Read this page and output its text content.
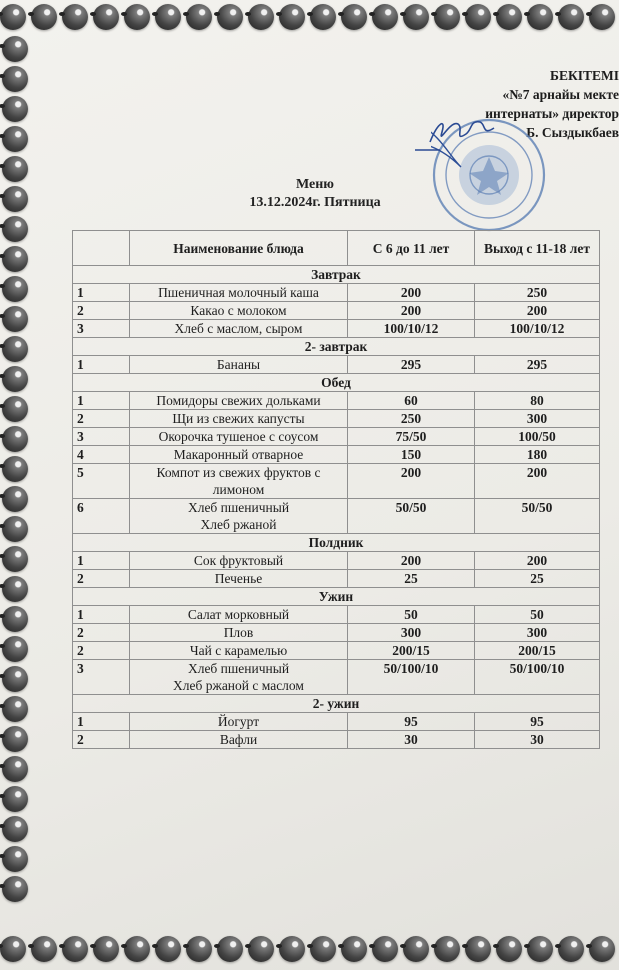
БЕКІТЕМІ
«№7 арнайы мекте
интернаты» директор
Б. Сыздыкбаев
Меню
13.12.2024г. Пятница
	Наименование блюда	С 6 до 11 лет	Выход с 11-18 лет
Завтрак			
1	Пшеничная молочный каша	200	250
2	Какао с молоком	200	200
3	Хлеб с маслом, сыром	100/10/12	100/10/12
2- завтрак			
1	Бананы	295	295
Обед			
1	Помидоры свежих дольками	60	80
2	Щи из свежих капусты	250	300
3	Окорочка тушеное с соусом	75/50	100/50
4	Макаронный отварное	150	180
5	Компот из свежих фруктов с лимоном	200	200
6	Хлеб пшеничный
Хлеб ржаной	50/50	50/50
Полдник			
1	Сок фруктовый	200	200
2	Печенье	25	25
Ужин			
1	Салат морковный	50	50
2	Плов	300	300
2	Чай с карамелью	200/15	200/15
3	Хлеб пшеничный
Хлеб ржаной с маслом	50/100/10	50/100/10
2- ужин			
1	Йогурт	95	95
2	Вафли	30	30
